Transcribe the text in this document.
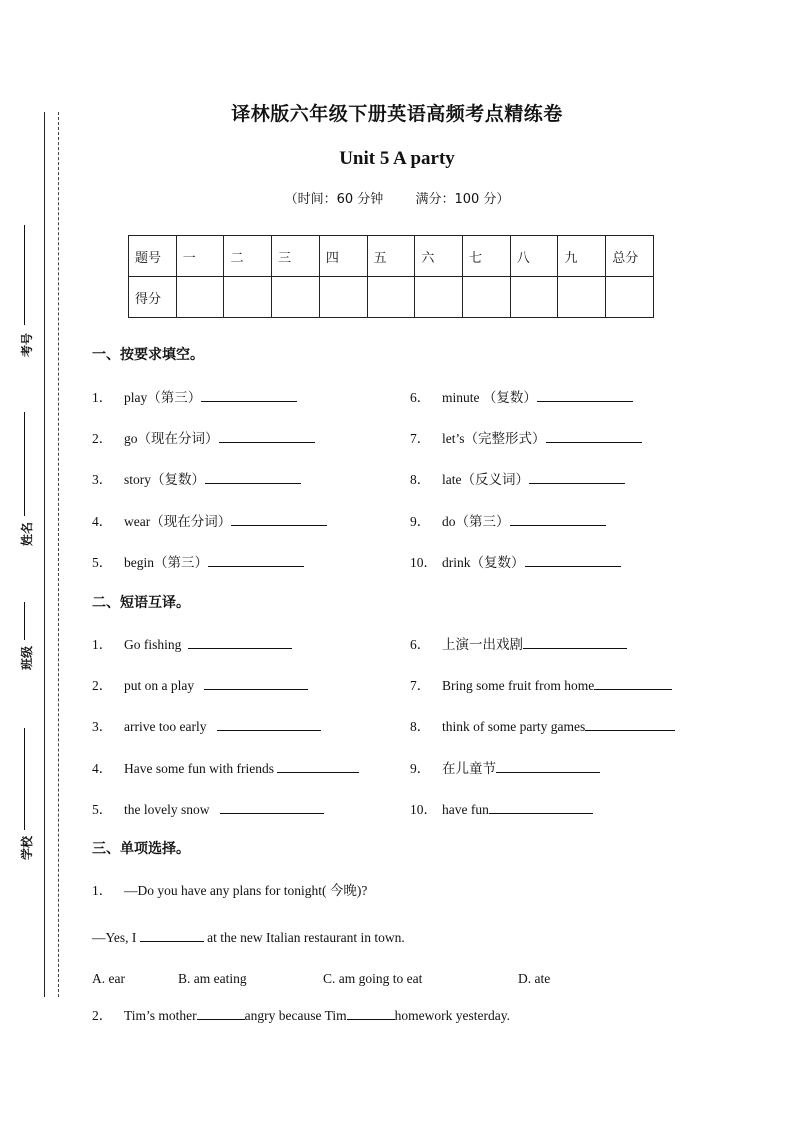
考号
姓名
班级
学校
译林版六年级下册英语高频考点精练卷
Unit 5 A party
（时间：60 分钟 满分：100 分）
题号	一	二	三	四	五	六	七	八	九	总分
得分										
一、按要求填空。
1． play（第三）
2． go（现在分词）
3． story（复数）
4． wear（现在分词）
5． begin（第三）
6． minute （复数）
7． let’s（完整形式）
8． late（反义词）
9． do（第三）
10． drink（复数）
二、短语互译。
1． Go fishing
2． put on a play
3． arrive too early
4． Have some fun with friends
5． the lovely snow
6． 上演一出戏剧
7． Bring some fruit from home
8． think of some party games
9． 在儿童节
10． have fun
三、单项选择。
1． —Do you have any plans for tonight( 今晚)?
—Yes, I	at the new Italian restaurant in town.
A. ear	B. am eating	C. am going to eat	D. ate
2． Tim’s mother	angry because Tim	homework yesterday.
